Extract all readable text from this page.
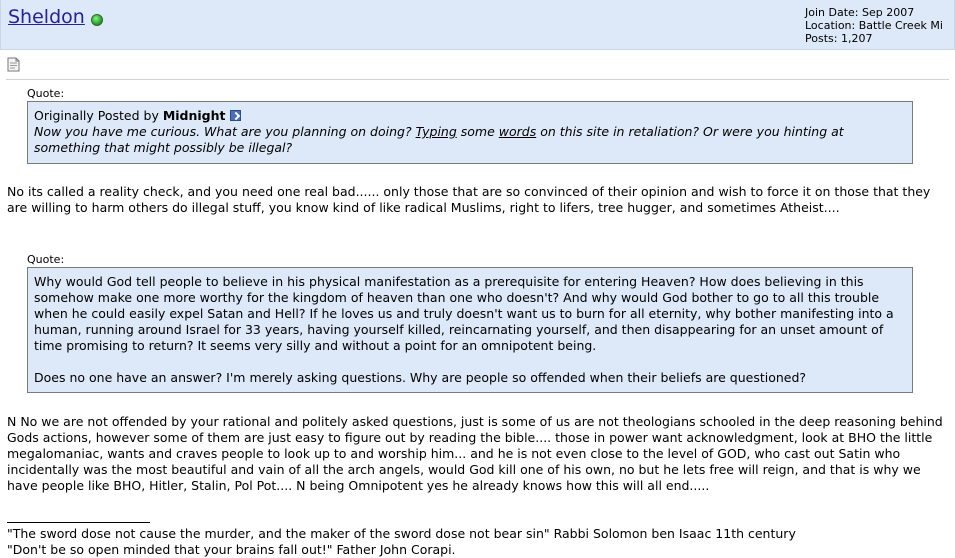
Sheldon	Join Date: Sep 2007
Location: Battle Creek Mi
Posts: 1,207
Quote:
Originally Posted by Midnight
Now you have me curious. What are you planning on doing? Typing some words on this site in retaliation? Or were you hinting at something that might possibly be illegal?
No its called a reality check, and you need one real bad...... only those that are so convinced of their opinion and wish to force it on those that they are willing to harm others do illegal stuff, you know kind of like radical Muslims, right to lifers, tree hugger, and sometimes Atheist....
Quote:

Why would God tell people to believe in his physical manifestation as a prerequisite for entering Heaven? How does believing in this somehow make one more worthy for the kingdom of heaven than one who doesn't? And why would God bother to go to all this trouble when he could easily expel Satan and Hell? If he loves us and truly doesn't want us to burn for all eternity, why bother manifesting into a human, running around Israel for 33 years, having yourself killed, reincarnating yourself, and then disappearing for an unset amount of time promising to return? It seems very silly and without a point for an omnipotent being.

Does no one have an answer? I'm merely asking questions. Why are people so offended when their beliefs are questioned?

N No we are not offended by your rational and politely asked questions, just is some of us are not theologians schooled in the deep reasoning behind Gods actions, however some of them are just easy to figure out by reading the bible.... those in power want acknowledgment, look at BHO the little megalomaniac, wants and craves people to look up to and worship him... and he is not even close to the level of GOD, who cast out Satin who incidentally was the most beautiful and vain of all the arch angels, would God kill one of his own, no but he lets free will reign, and that is why we have people like BHO, Hitler, Stalin, Pol Pot.... N being Omnipotent yes he already knows how this will all end.....
"The sword dose not cause the murder, and the maker of the sword dose not bear sin" Rabbi Solomon ben Isaac 11th century
"Don't be so open minded that your brains fall out!" Father John Corapi.
